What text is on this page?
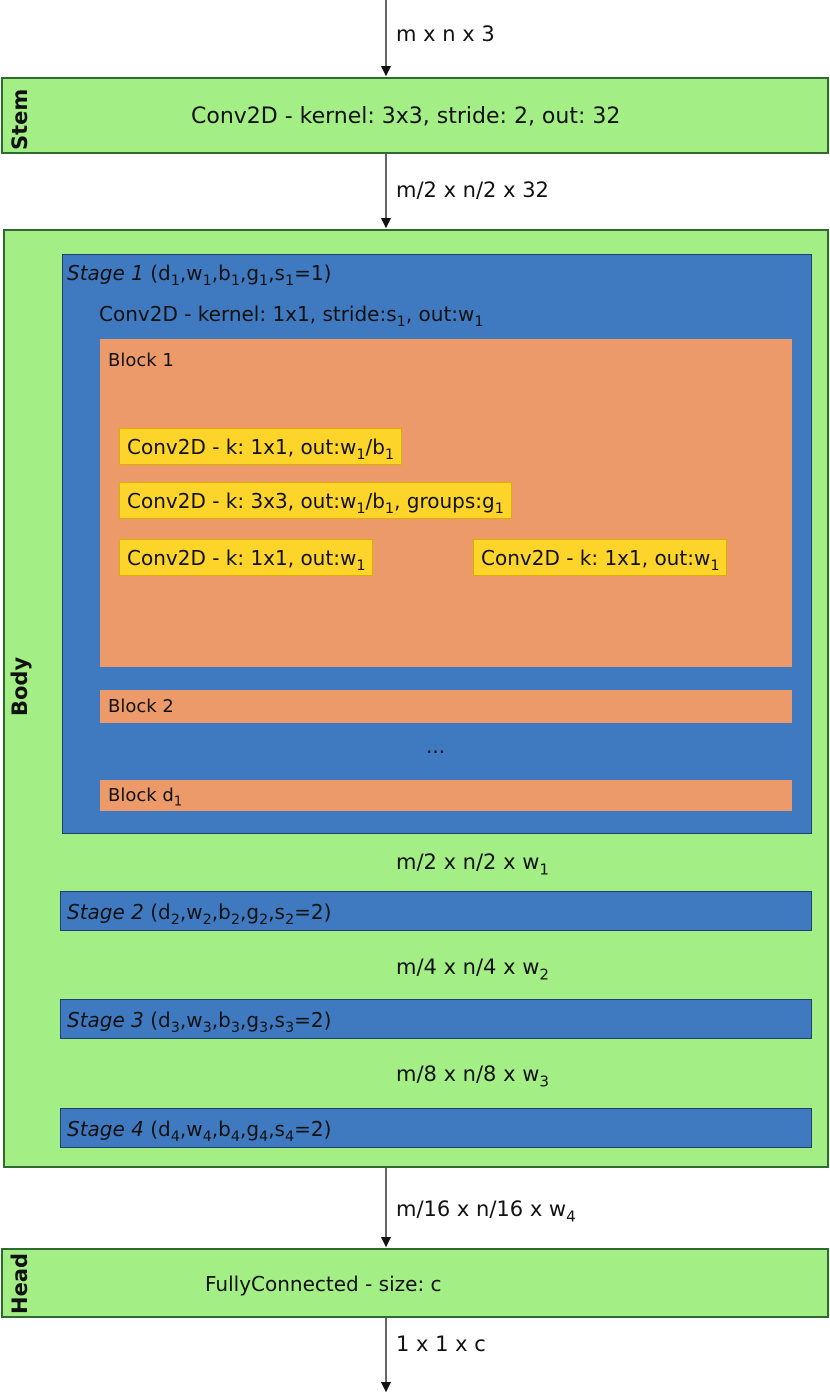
m x n x 3
Conv2D - kernel: 3x3, stride: 2, out: 32
Stem
m/2 x n/2 x 32
Body
Stage 1 $(d_1,w_1,b_1,g_1,s_1=1)$
Conv2D - kernel: 1x1, $stride:s_1$, $out:w_1$
Block 1
Conv2D - k: 1x1, $out:w_1/b_1$
Conv2D - k: 3x3, $out:w_1/b_1$, $groups:g_1$
Conv2D - k: 1x1, $out:w_1$	Conv2D - k: 1x1, $out:w_1$
Block 2
...
Block $d_1$
m/2 x n/2 x $w_1$
Stage 2 $(d_2,w_2,b_2,g_2,s_2=2)$
m/4 x n/4 x $w_2$
Stage 3 $(d_3,w_3,b_3,g_3,s_3=2)$
m/8 x n/8 x $w_3$
Stage 4 $(d_4,w_4,b_4,g_4,s_4=2)$
m/16 x n/16 x $w_4$
FullyConnected - size: c
Head
1 x 1 x c
